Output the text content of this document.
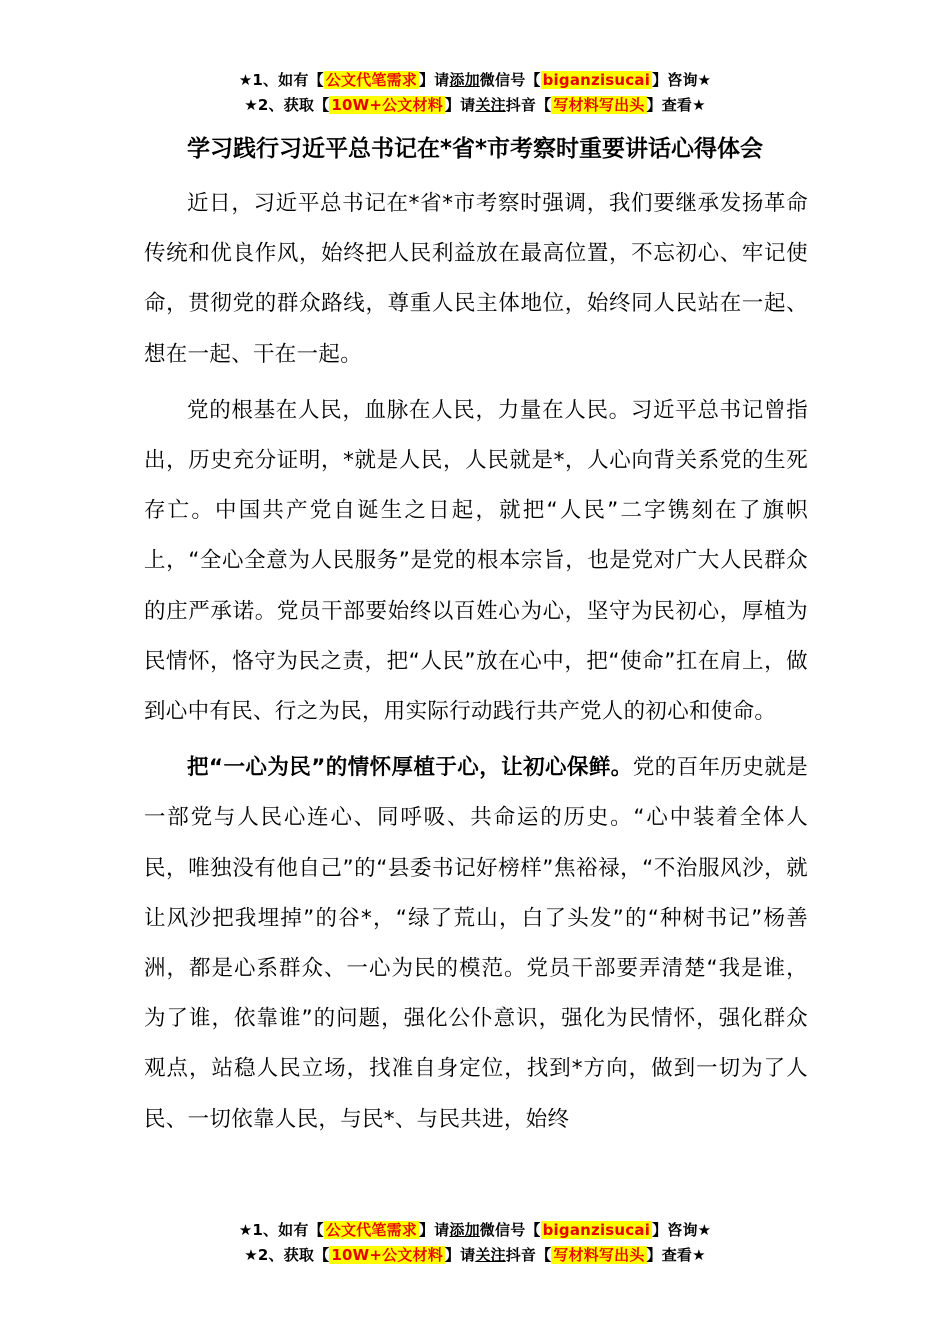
★1、如有【 公文代笔需求 】请添加微信号【 biganzisucai 】咨询★
★2、获取【 10W+公文材料 】请关注抖音【 写材料写出头 】查看★
学习践行习近平总书记在*省*市考察时重要讲话心得体会

近日，习近平总书记在*省*市考察时强调，我们要继承发扬革命传统和优良作风，始终把人民利益放在最高位置，不忘初心、牢记使命，贯彻党的群众路线，尊重人民主体地位，始终同人民站在一起、想在一起、干在一起。

党的根基在人民，血脉在人民，力量在人民。习近平总书记曾指出，历史充分证明，*就是人民，人民就是*，人心向背关系党的生死存亡。中国共产党自诞生之日起，就把“人民”二字镌刻在了旗帜上，“全心全意为人民服务”是党的根本宗旨，也是党对广大人民群众的庄严承诺。党员干部要始终以百姓心为心，坚守为民初心，厚植为民情怀，恪守为民之责，把“人民”放在心中，把“使命”扛在肩上，做到心中有民、行之为民，用实际行动践行共产党人的初心和使命。

把“一心为民”的情怀厚植于心，让初心保鲜。党的百年历史就是一部党与人民心连心、同呼吸、共命运的历史。“心中装着全体人民，唯独没有他自己”的“县委书记好榜样”焦裕禄，“不治服风沙，就让风沙把我埋掉”的谷*，“绿了荒山，白了头发”的“种树书记”杨善洲，都是心系群众、一心为民的模范。党员干部要弄清楚“我是谁，为了谁，依靠谁”的问题，强化公仆意识，强化为民情怀，强化群众观点，站稳人民立场，找准自身定位，找到*方向，做到一切为了人民、一切依靠人民，与民*、与民共进，始终

★1、如有【 公文代笔需求 】请添加微信号【 biganzisucai 】咨询★
★2、获取【 10W+公文材料 】请关注抖音【 写材料写出头 】查看★
